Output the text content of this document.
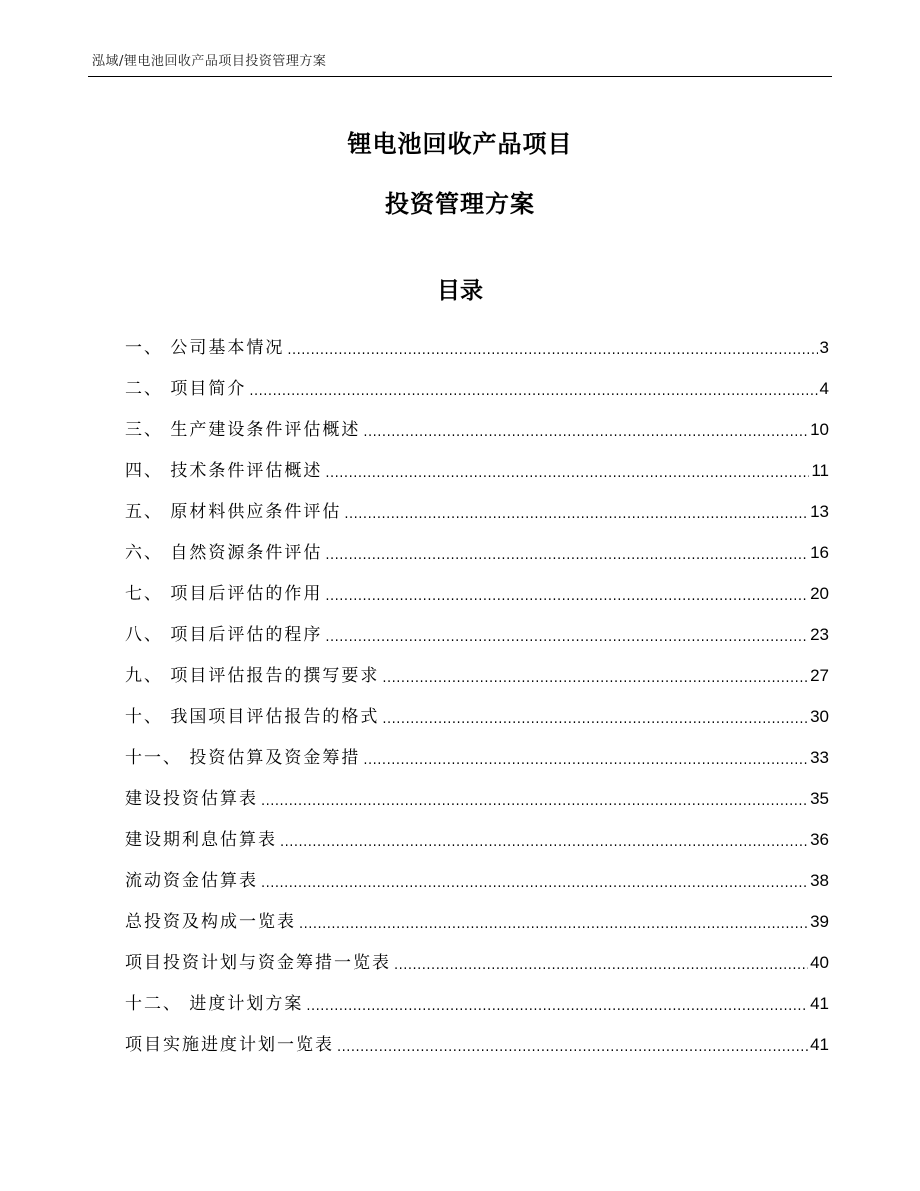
泓域/锂电池回收产品项目投资管理方案
锂电池回收产品项目
投资管理方案
目录
一、 公司基本情况 .....	3
二、 项目简介 .....	4
三、 生产建设条件评估概述 .....	10
四、 技术条件评估概述 .....	11
五、 原材料供应条件评估 .....	13
六、 自然资源条件评估 .....	16
七、 项目后评估的作用 .....	20
八、 项目后评估的程序 .....	23
九、 项目评估报告的撰写要求 .....	27
十、 我国项目评估报告的格式 .....	30
十一、 投资估算及资金筹措 .....	33
建设投资估算表 .....	35
建设期利息估算表 .....	36
流动资金估算表 .....	38
总投资及构成一览表 .....	39
项目投资计划与资金筹措一览表 .....	40
十二、 进度计划方案 .....	41
项目实施进度计划一览表 .....	41
